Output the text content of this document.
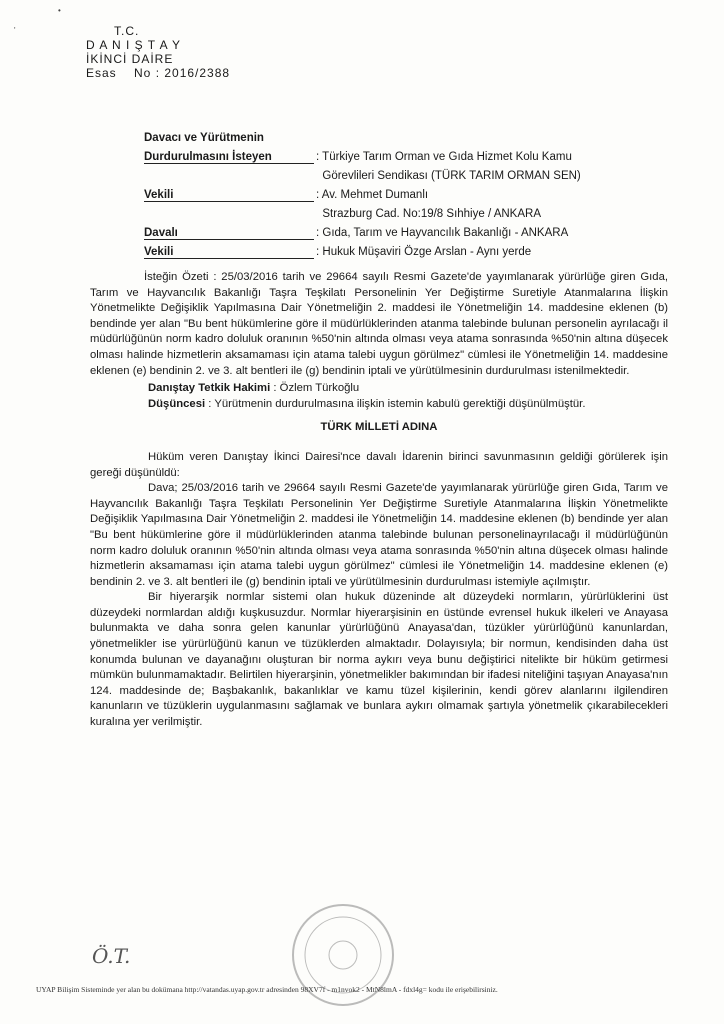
•
'	T.C.
D A N I Ş T A Y
İKİNCİ DAİRE
Esas    No : 2016/2388
Davacı ve Yürütmenin
Durdurulmasını İsteyen	: Türkiye Tarım Orman ve Gıda Hizmet Kolu Kamu
Görevlileri Sendikası (TÜRK TARIM ORMAN SEN)
Vekili	: Av. Mehmet Dumanlı
Strazburg Cad. No:19/8 Sıhhiye / ANKARA
Davalı	: Gıda, Tarım ve Hayvancılık Bakanlığı - ANKARA
Vekili	: Hukuk Müşaviri Özge Arslan - Aynı yerde

İsteğin Özeti : 25/03/2016 tarih ve 29664 sayılı Resmi Gazete'de yayımlanarak yürürlüğe giren Gıda, Tarım ve Hayvancılık Bakanlığı Taşra Teşkilatı Personelinin Yer Değiştirme Suretiyle Atanmalarına İlişkin Yönetmelikte Değişiklik Yapılmasına Dair Yönetmeliğin 2. maddesi ile Yönetmeliğin 14. maddesine eklenen (b) bendinde yer alan "Bu bent hükümlerine göre il müdürlüklerinden atanma talebinde bulunan personelin ayrılacağı il müdürlüğünün norm kadro doluluk oranının %50'nin altında olması veya atama sonrasında %50'nin altına düşecek olması halinde hizmetlerin aksamaması için atama talebi uygun görülmez" cümlesi ile Yönetmeliğin 14. maddesine eklenen (e) bendinin 2. ve 3. alt bentleri ile (g) bendinin iptali ve yürütülmesinin durdurulması istenilmektedir.

Danıştay Tetkik Hakimi : Özlem Türkoğlu

Düşüncesi : Yürütmenin durdurulmasına ilişkin istemin kabulü gerektiği düşünülmüştür.

TÜRK MİLLETİ ADINA

Hüküm veren Danıştay İkinci Dairesi'nce davalı İdarenin birinci savunmasının geldiği görülerek işin gereği düşünüldü:

Dava; 25/03/2016 tarih ve 29664 sayılı Resmi Gazete'de yayımlanarak yürürlüğe giren Gıda, Tarım ve Hayvancılık Bakanlığı Taşra Teşkilatı Personelinin Yer Değiştirme Suretiyle Atanmalarına İlişkin Yönetmelikte Değişiklik Yapılmasına Dair Yönetmeliğin 2. maddesi ile Yönetmeliğin 14. maddesine eklenen (b) bendinde yer alan "Bu bent hükümlerine göre il müdürlüklerinden atanma talebinde bulunan personelinayrılacağı il müdürlüğünün norm kadro doluluk oranının %50'nin altında olması veya atama sonrasında %50'nin altına düşecek olması halinde hizmetlerin aksamaması için atama talebi uygun görülmez" cümlesi ile Yönetmeliğin 14. maddesine eklenen (e) bendinin 2. ve 3. alt bentleri ile (g) bendinin iptali ve yürütülmesinin durdurulması istemiyle açılmıştır.

Bir hiyerarşik normlar sistemi olan hukuk düzeninde alt düzeydeki normların, yürürlüklerini üst düzeydeki normlardan aldığı kuşkusuzdur. Normlar hiyerarşisinin en üstünde evrensel hukuk ilkeleri ve Anayasa bulunmakta ve daha sonra gelen kanunlar yürürlüğünü Anayasa'dan, tüzükler yürürlüğünü kanunlardan, yönetmelikler ise yürürlüğünü kanun ve tüzüklerden almaktadır. Dolayısıyla; bir normun, kendisinden daha üst konumda bulunan ve dayanağını oluşturan bir norma aykırı veya bunu değiştirici nitelikte bir hüküm getirmesi mümkün bulunmamaktadır. Belirtilen hiyerarşinin, yönetmelikler bakımından bir ifadesi niteliğini taşıyan Anayasa'nın 124. maddesinde de; Başbakanlık, bakanlıklar ve kamu tüzel kişilerinin, kendi görev alanlarını ilgilendiren kanunların ve tüzüklerin uygulanmasını sağlamak ve bunlara aykırı olmamak şartıyla yönetmelik çıkarabilecekleri kuralına yer verilmiştir.

Ö.T.
UYAP Bilişim Sisteminde yer alan bu dokümana http://vatandas.uyap.gov.tr adresinden 98XV7f - m1nvok2 - MtN8lmA - fdxl4g= kodu ile erişebilirsiniz.
